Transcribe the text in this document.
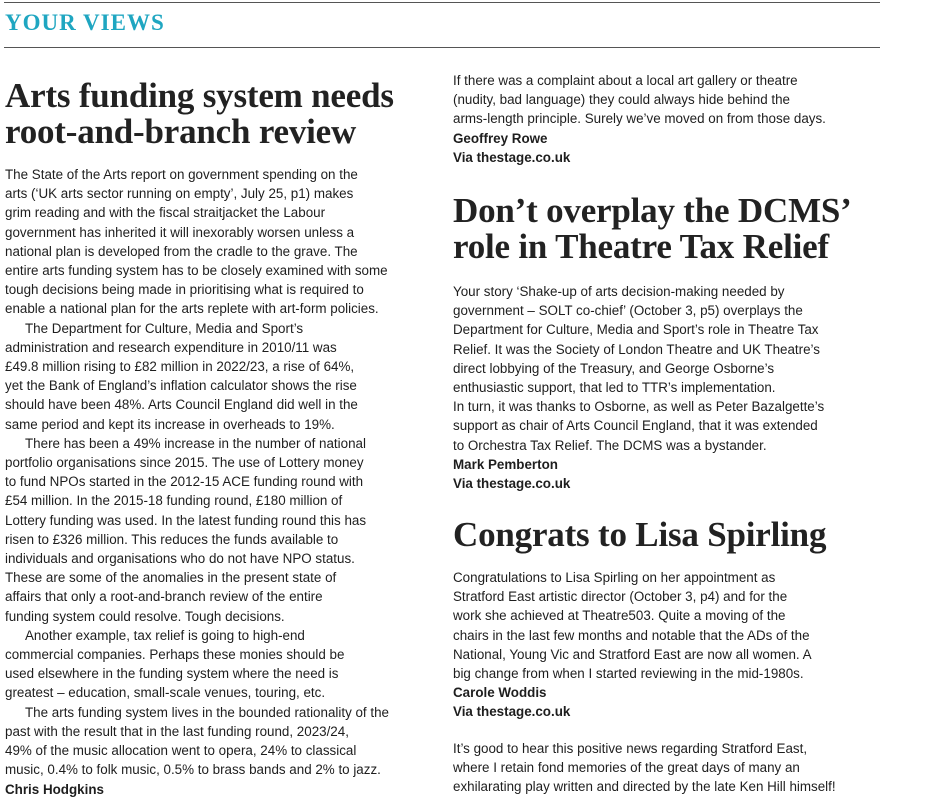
YOUR VIEWS
Arts funding system needs
root-and-branch review

The State of the Arts report on government spending on the
arts (‘UK arts sector running on empty’, July 25, p1) makes
grim reading and with the fiscal straitjacket the Labour
government has inherited it will inexorably worsen unless a
national plan is developed from the cradle to the grave. The
entire arts funding system has to be closely examined with some
tough decisions being made in prioritising what is required to
enable a national plan for the arts replete with art-form policies.

The Department for Culture, Media and Sport’s
administration and research expenditure in 2010/11 was
£49.8 million rising to £82 million in 2022/23, a rise of 64%,
yet the Bank of England’s inflation calculator shows the rise
should have been 48%. Arts Council England did well in the
same period and kept its increase in overheads to 19%.

There has been a 49% increase in the number of national
portfolio organisations since 2015. The use of Lottery money
to fund NPOs started in the 2012-15 ACE funding round with
£54 million. In the 2015-18 funding round, £180 million of
Lottery funding was used. In the latest funding round this has
risen to £326 million. This reduces the funds available to
individuals and organisations who do not have NPO status.
These are some of the anomalies in the present state of
affairs that only a root-and-branch review of the entire
funding system could resolve. Tough decisions.

Another example, tax relief is going to high-end
commercial companies. Perhaps these monies should be
used elsewhere in the funding system where the need is
greatest – education, small-scale venues, touring, etc.

The arts funding system lives in the bounded rationality of the
past with the result that in the last funding round, 2023/24,
49% of the music allocation went to opera, 24% to classical
music, 0.4% to folk music, 0.5% to brass bands and 2% to jazz.

Chris Hodgkins

If there was a complaint about a local art gallery or theatre
(nudity, bad language) they could always hide behind the
arms-length principle. Surely we’ve moved on from those days.

Geoffrey Rowe

Via thestage.co.uk

Don’t overplay the DCMS’
role in Theatre Tax Relief

Your story ‘Shake-up of arts decision-making needed by
government – SOLT co-chief’ (October 3, p5) overplays the
Department for Culture, Media and Sport’s role in Theatre Tax
Relief. It was the Society of London Theatre and UK Theatre’s
direct lobbying of the Treasury, and George Osborne’s
enthusiastic support, that led to TTR’s implementation.

In turn, it was thanks to Osborne, as well as Peter Bazalgette’s
support as chair of Arts Council England, that it was extended
to Orchestra Tax Relief. The DCMS was a bystander.

Mark Pemberton

Via thestage.co.uk

Congrats to Lisa Spirling

Congratulations to Lisa Spirling on her appointment as
Stratford East artistic director (October 3, p4) and for the
work she achieved at Theatre503. Quite a moving of the
chairs in the last few months and notable that the ADs of the
National, Young Vic and Stratford East are now all women. A
big change from when I started reviewing in the mid-1980s.

Carole Woddis

Via thestage.co.uk

It’s good to hear this positive news regarding Stratford East,
where I retain fond memories of the great days of many an
exhilarating play written and directed by the late Ken Hill himself!
